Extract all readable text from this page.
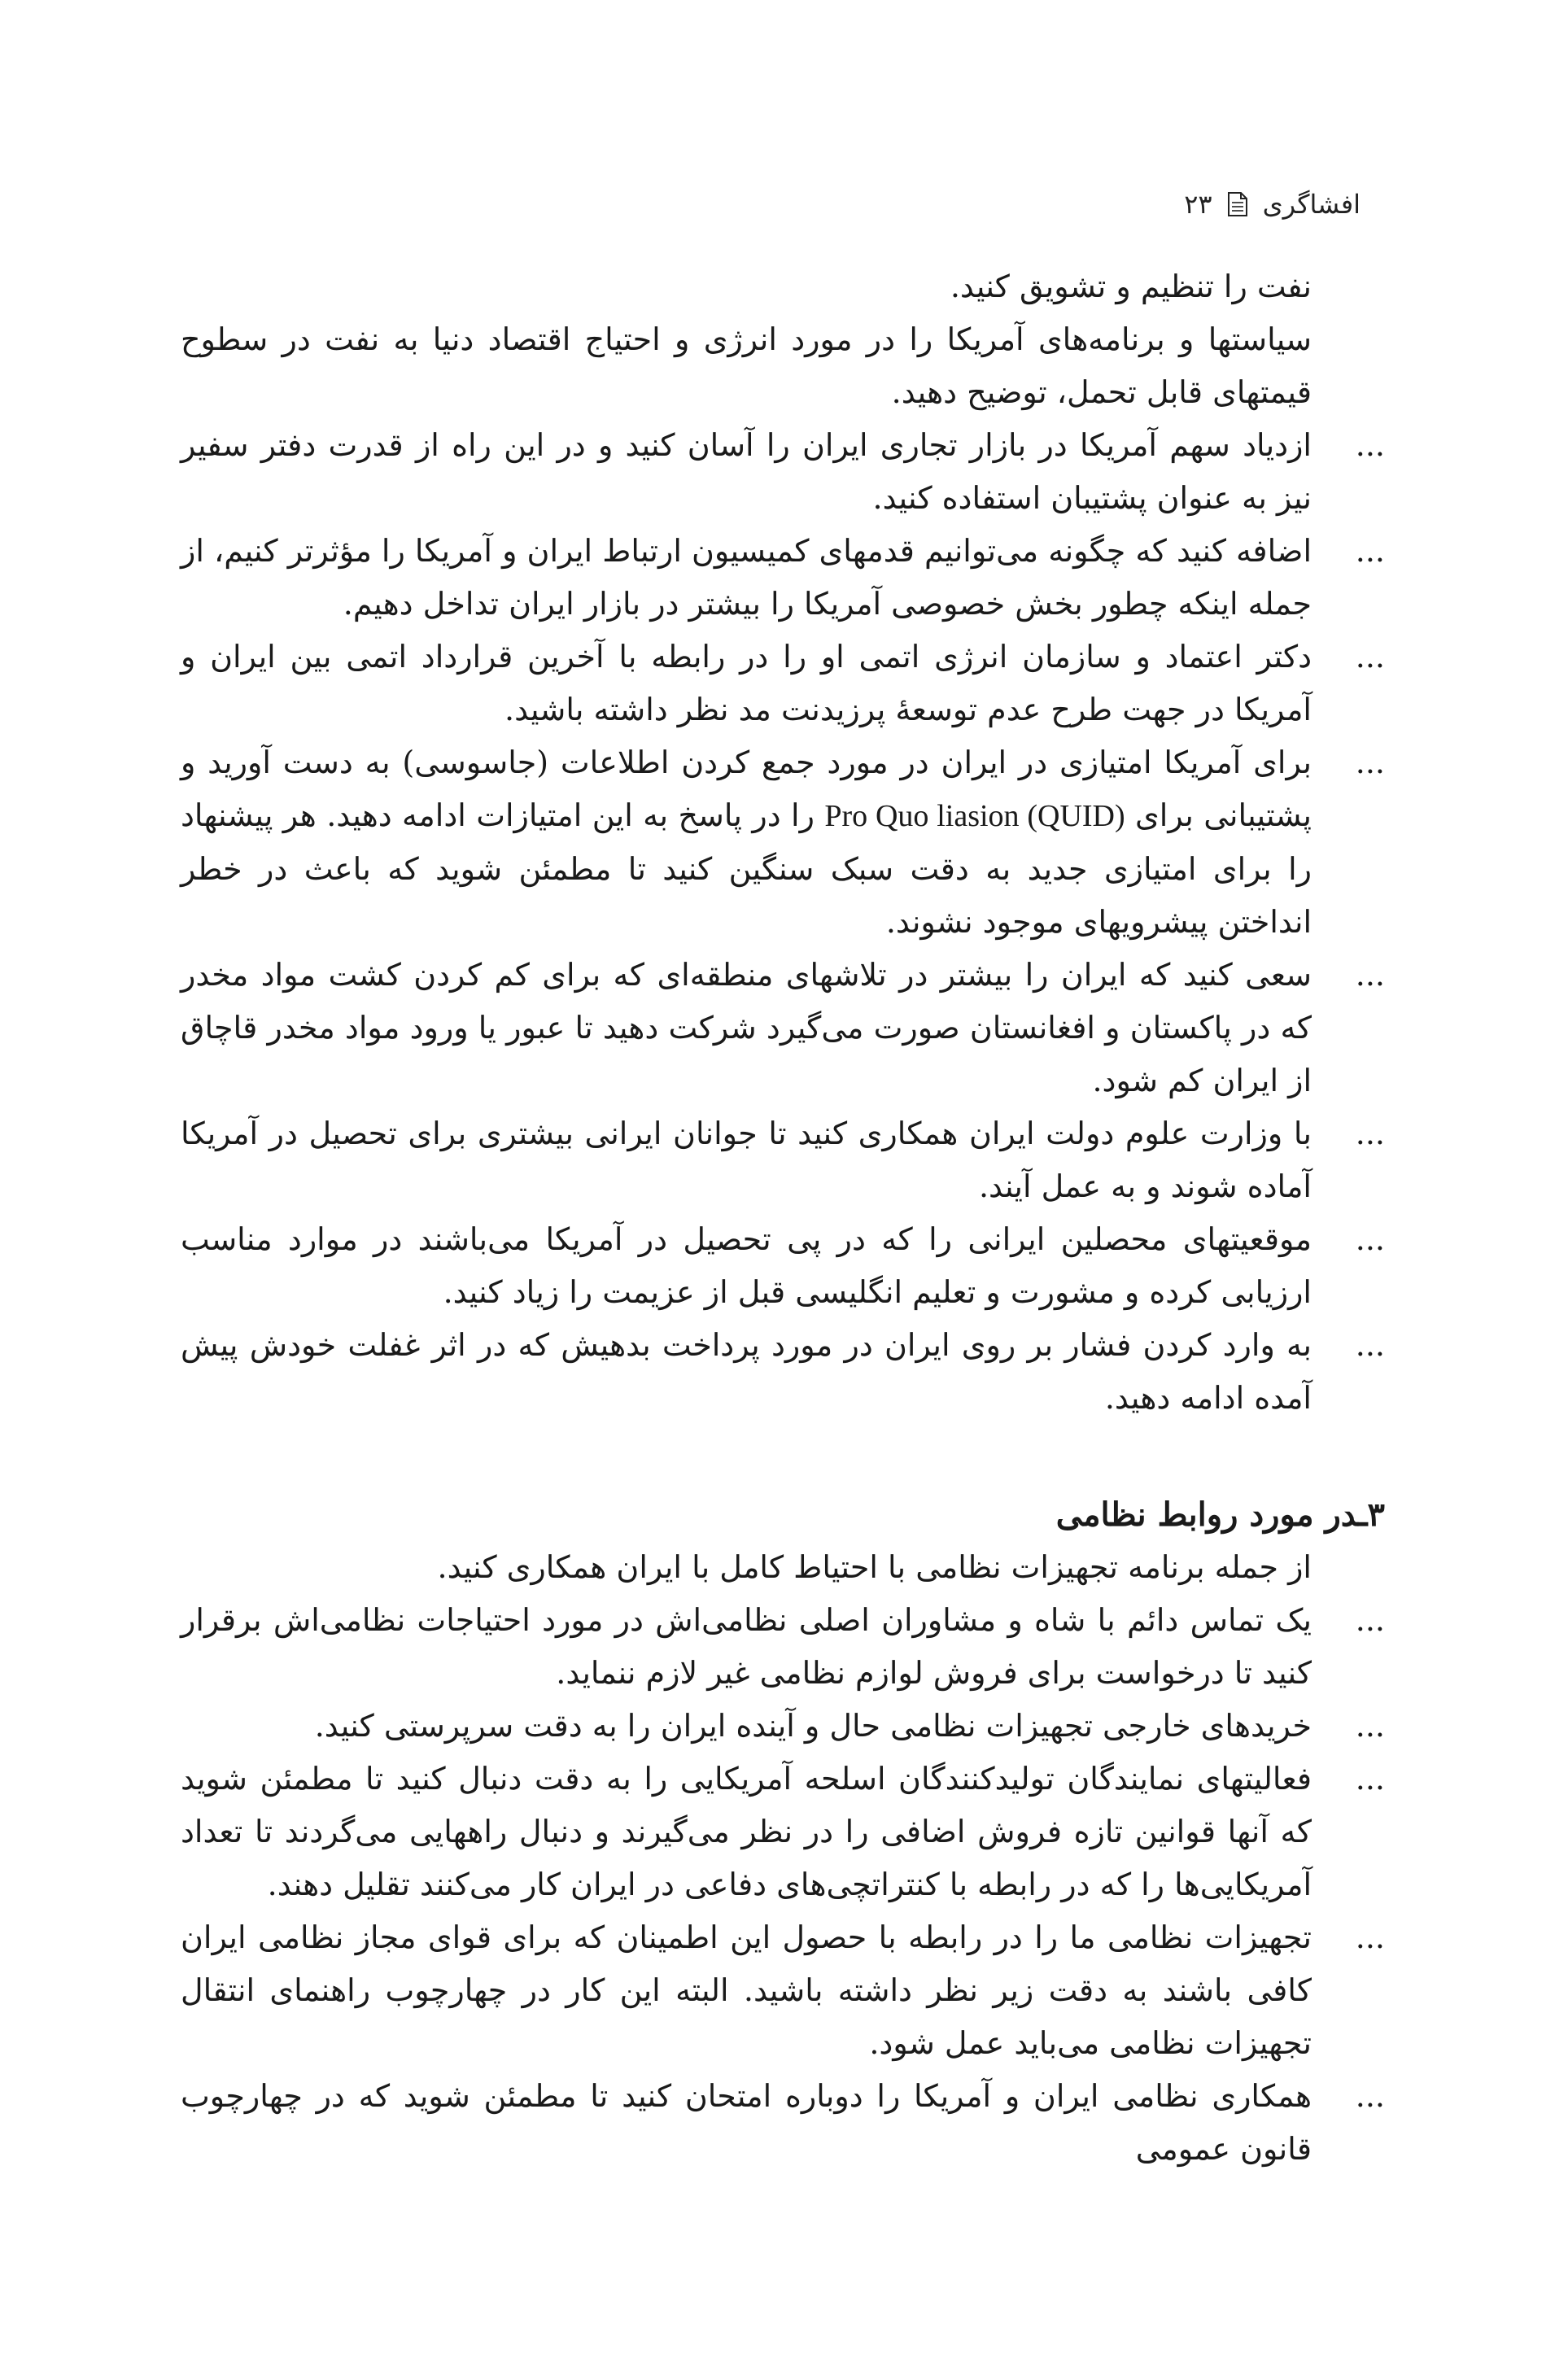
افشاگری
۲۳

نفت را تنظیم و تشویق کنید.

سیاستها و برنامه‌های آمریکا را در مورد انرژی و احتیاج اقتصاد دنیا به نفت در سطوح قیمتهای قابل تحمل، توضیح دهید.

...
ازدیاد سهم آمریکا در بازار تجاری ایران را آسان کنید و در این راه از قدرت دفتر سفیر نیز به عنوان پشتیبان استفاده کنید.

...
اضافه کنید که چگونه می‌توانیم قدمهای کمیسیون ارتباط ایران و آمریکا را مؤثرتر کنیم، از جمله اینکه چطور بخش خصوصی آمریکا را بیشتر در بازار ایران تداخل دهیم.

...
دکتر اعتماد و سازمان انرژی اتمی او را در رابطه با آخرین قرارداد اتمی بین ایران و آمریکا در جهت طرح عدم توسعهٔ پرزیدنت مد نظر داشته باشید.

...
برای آمریکا امتیازی در ایران در مورد جمع کردن اطلاعات (جاسوسی) به دست آورید و پشتیبانی برای Pro Quo liasion (QUID) را در پاسخ به این امتیازات ادامه دهید. هر پیشنهاد را برای امتیازی جدید به دقت سبک سنگین کنید تا مطمئن شوید که باعث در خطر انداختن پیشرویهای موجود نشوند.

...
سعی کنید که ایران را بیشتر در تلاشهای منطقه‌ای که برای کم کردن کشت مواد مخدر که در پاکستان و افغانستان صورت می‌گیرد شرکت دهید تا عبور یا ورود مواد مخدر قاچاق از ایران کم شود.

...
با وزارت علوم دولت ایران همکاری کنید تا جوانان ایرانی بیشتری برای تحصیل در آمریکا آماده شوند و به عمل آیند.

...
موقعیتهای محصلین ایرانی را که در پی تحصیل در آمریکا می‌باشند در موارد مناسب ارزیابی کرده و مشورت و تعلیم انگلیسی قبل از عزیمت را زیاد کنید.

...
به وارد کردن فشار بر روی ایران در مورد پرداخت بدهیش که در اثر غفلت خودش پیش آمده ادامه دهید.

۳ـدر مورد روابط نظامی

از جمله برنامه تجهیزات نظامی با احتیاط کامل با ایران همکاری کنید.

...
یک تماس دائم با شاه و مشاوران اصلی نظامی‌اش در مورد احتیاجات نظامی‌اش برقرار کنید تا درخواست برای فروش لوازم نظامی غیر لازم ننماید.

...
خریدهای خارجی تجهیزات نظامی حال و آینده ایران را به دقت سرپرستی کنید.

...
فعالیتهای نمایندگان تولیدکنندگان اسلحه آمریکایی را به دقت دنبال کنید تا مطمئن شوید که آنها قوانین تازه فروش اضافی را در نظر می‌گیرند و دنبال راههایی می‌گردند تا تعداد آمریکایی‌ها را که در رابطه با کنتراتچی‌های دفاعی در ایران کار می‌کنند تقلیل دهند.

...
تجهیزات نظامی ما را در رابطه با حصول این اطمینان که برای قوای مجاز نظامی ایران کافی باشند به دقت زیر نظر داشته باشید. البته این کار در چهارچوب راهنمای انتقال تجهیزات نظامی می‌باید عمل شود.

...
همکاری نظامی ایران و آمریکا را دوباره امتحان کنید تا مطمئن شوید که در چهارچوب قانون عمومی
